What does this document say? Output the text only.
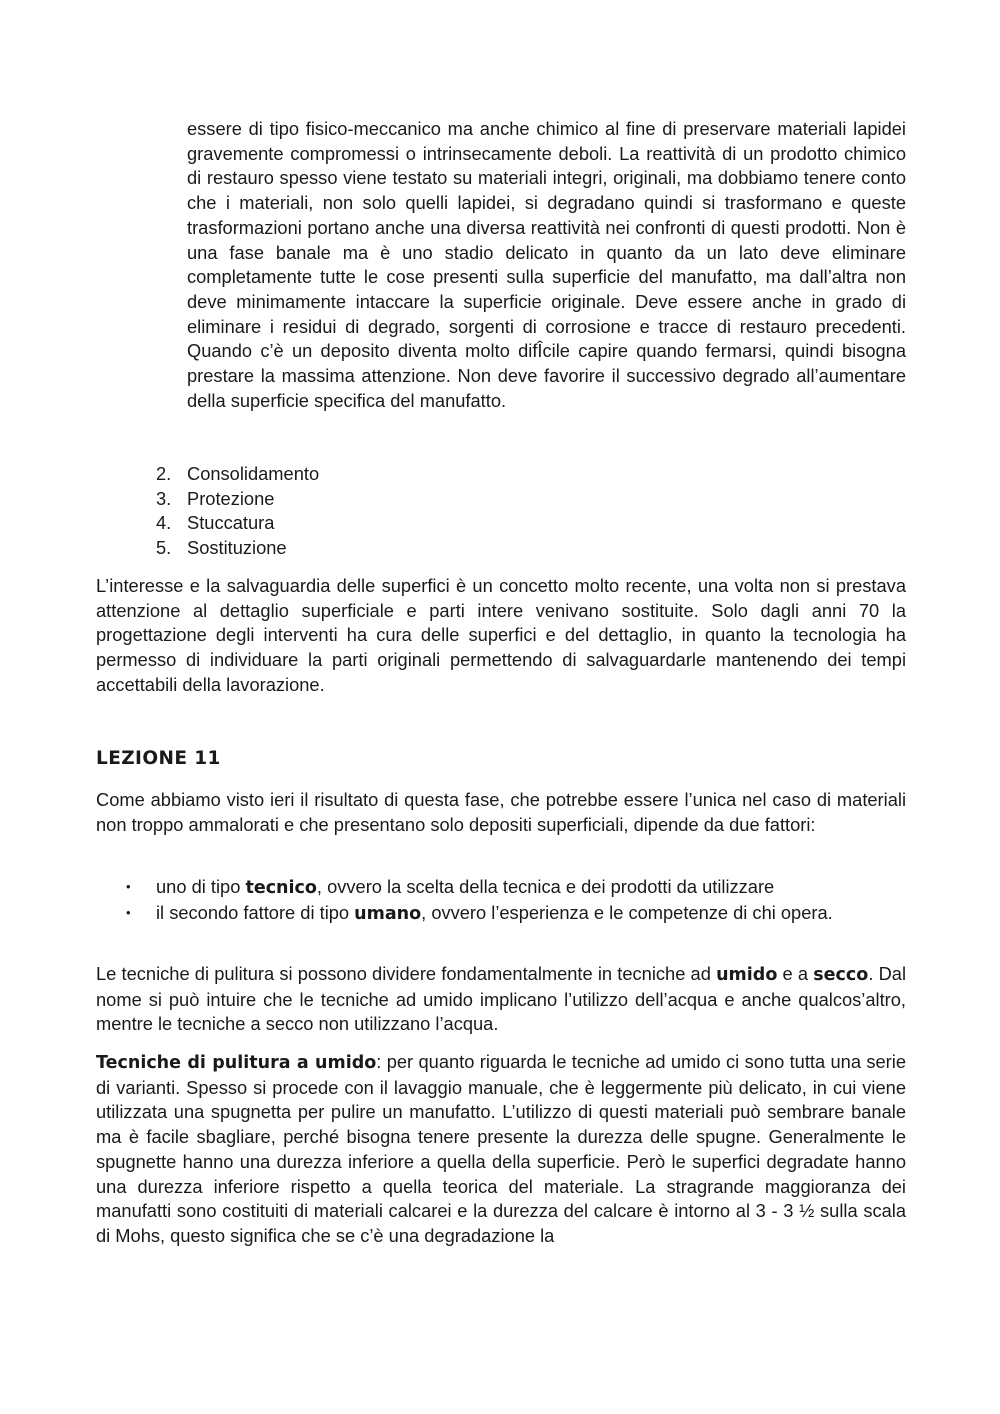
essere di tipo fisico-meccanico ma anche chimico al fine di preservare materiali lapidei gravemente compromessi o intrinsecamente deboli. La reattività di un prodotto chimico di restauro spesso viene testato su materiali integri, originali, ma dobbiamo tenere conto che i materiali, non solo quelli lapidei, si degradano quindi si trasformano e queste trasformazioni portano anche una diversa reattività nei confronti di questi prodotti. Non è una fase banale ma è uno stadio delicato in quanto da un lato deve eliminare completamente tutte le cose presenti sulla superficie del manufatto, ma dall’altra non deve minimamente intaccare la superficie originale. Deve essere anche in grado di eliminare i residui di degrado, sorgenti di corrosione e tracce di restauro precedenti. Quando c’è un deposito diventa molto difÎcile capire quando fermarsi, quindi bisogna prestare la massima attenzione. Non deve favorire il successivo degrado all’aumentare della superficie specifica del manufatto.

2. Consolidamento
3. Protezione
4. Stuccatura
5. Sostituzione

L’interesse e la salvaguardia delle superfici è un concetto molto recente, una volta non si prestava attenzione al dettaglio superficiale e parti intere venivano sostituite. Solo dagli anni 70 la progettazione degli interventi ha cura delle superfici e del dettaglio, in quanto la tecnologia ha permesso di individuare la parti originali permettendo di salvaguardarle mantenendo dei tempi accettabili della lavorazione.

LEZIONE 11

Come abbiamo visto ieri il risultato di questa fase, che potrebbe essere l’unica nel caso di materiali non troppo ammalorati e che presentano solo depositi superficiali, dipende da due fattori:

• uno di tipo tecnico, ovvero la scelta della tecnica e dei prodotti da utilizzare
• il secondo fattore di tipo umano, ovvero l’esperienza e le competenze di chi opera.

Le tecniche di pulitura si possono dividere fondamentalmente in tecniche ad umido e a secco. Dal nome si può intuire che le tecniche ad umido implicano l’utilizzo dell’acqua e anche qualcos’altro, mentre le tecniche a secco non utilizzano l’acqua.

Tecniche di pulitura a umido: per quanto riguarda le tecniche ad umido ci sono tutta una serie di varianti. Spesso si procede con il lavaggio manuale, che è leggermente più delicato, in cui viene utilizzata una spugnetta per pulire un manufatto. L’utilizzo di questi materiali può sembrare banale ma è facile sbagliare, perché bisogna tenere presente la durezza delle spugne. Generalmente le spugnette hanno una durezza inferiore a quella della superficie. Però le superfici degradate hanno una durezza inferiore rispetto a quella teorica del materiale. La stragrande maggioranza dei manufatti sono costituiti di materiali calcarei e la durezza del calcare è intorno al 3 - 3 ½ sulla scala di Mohs, questo significa che se c’è una degradazione la
